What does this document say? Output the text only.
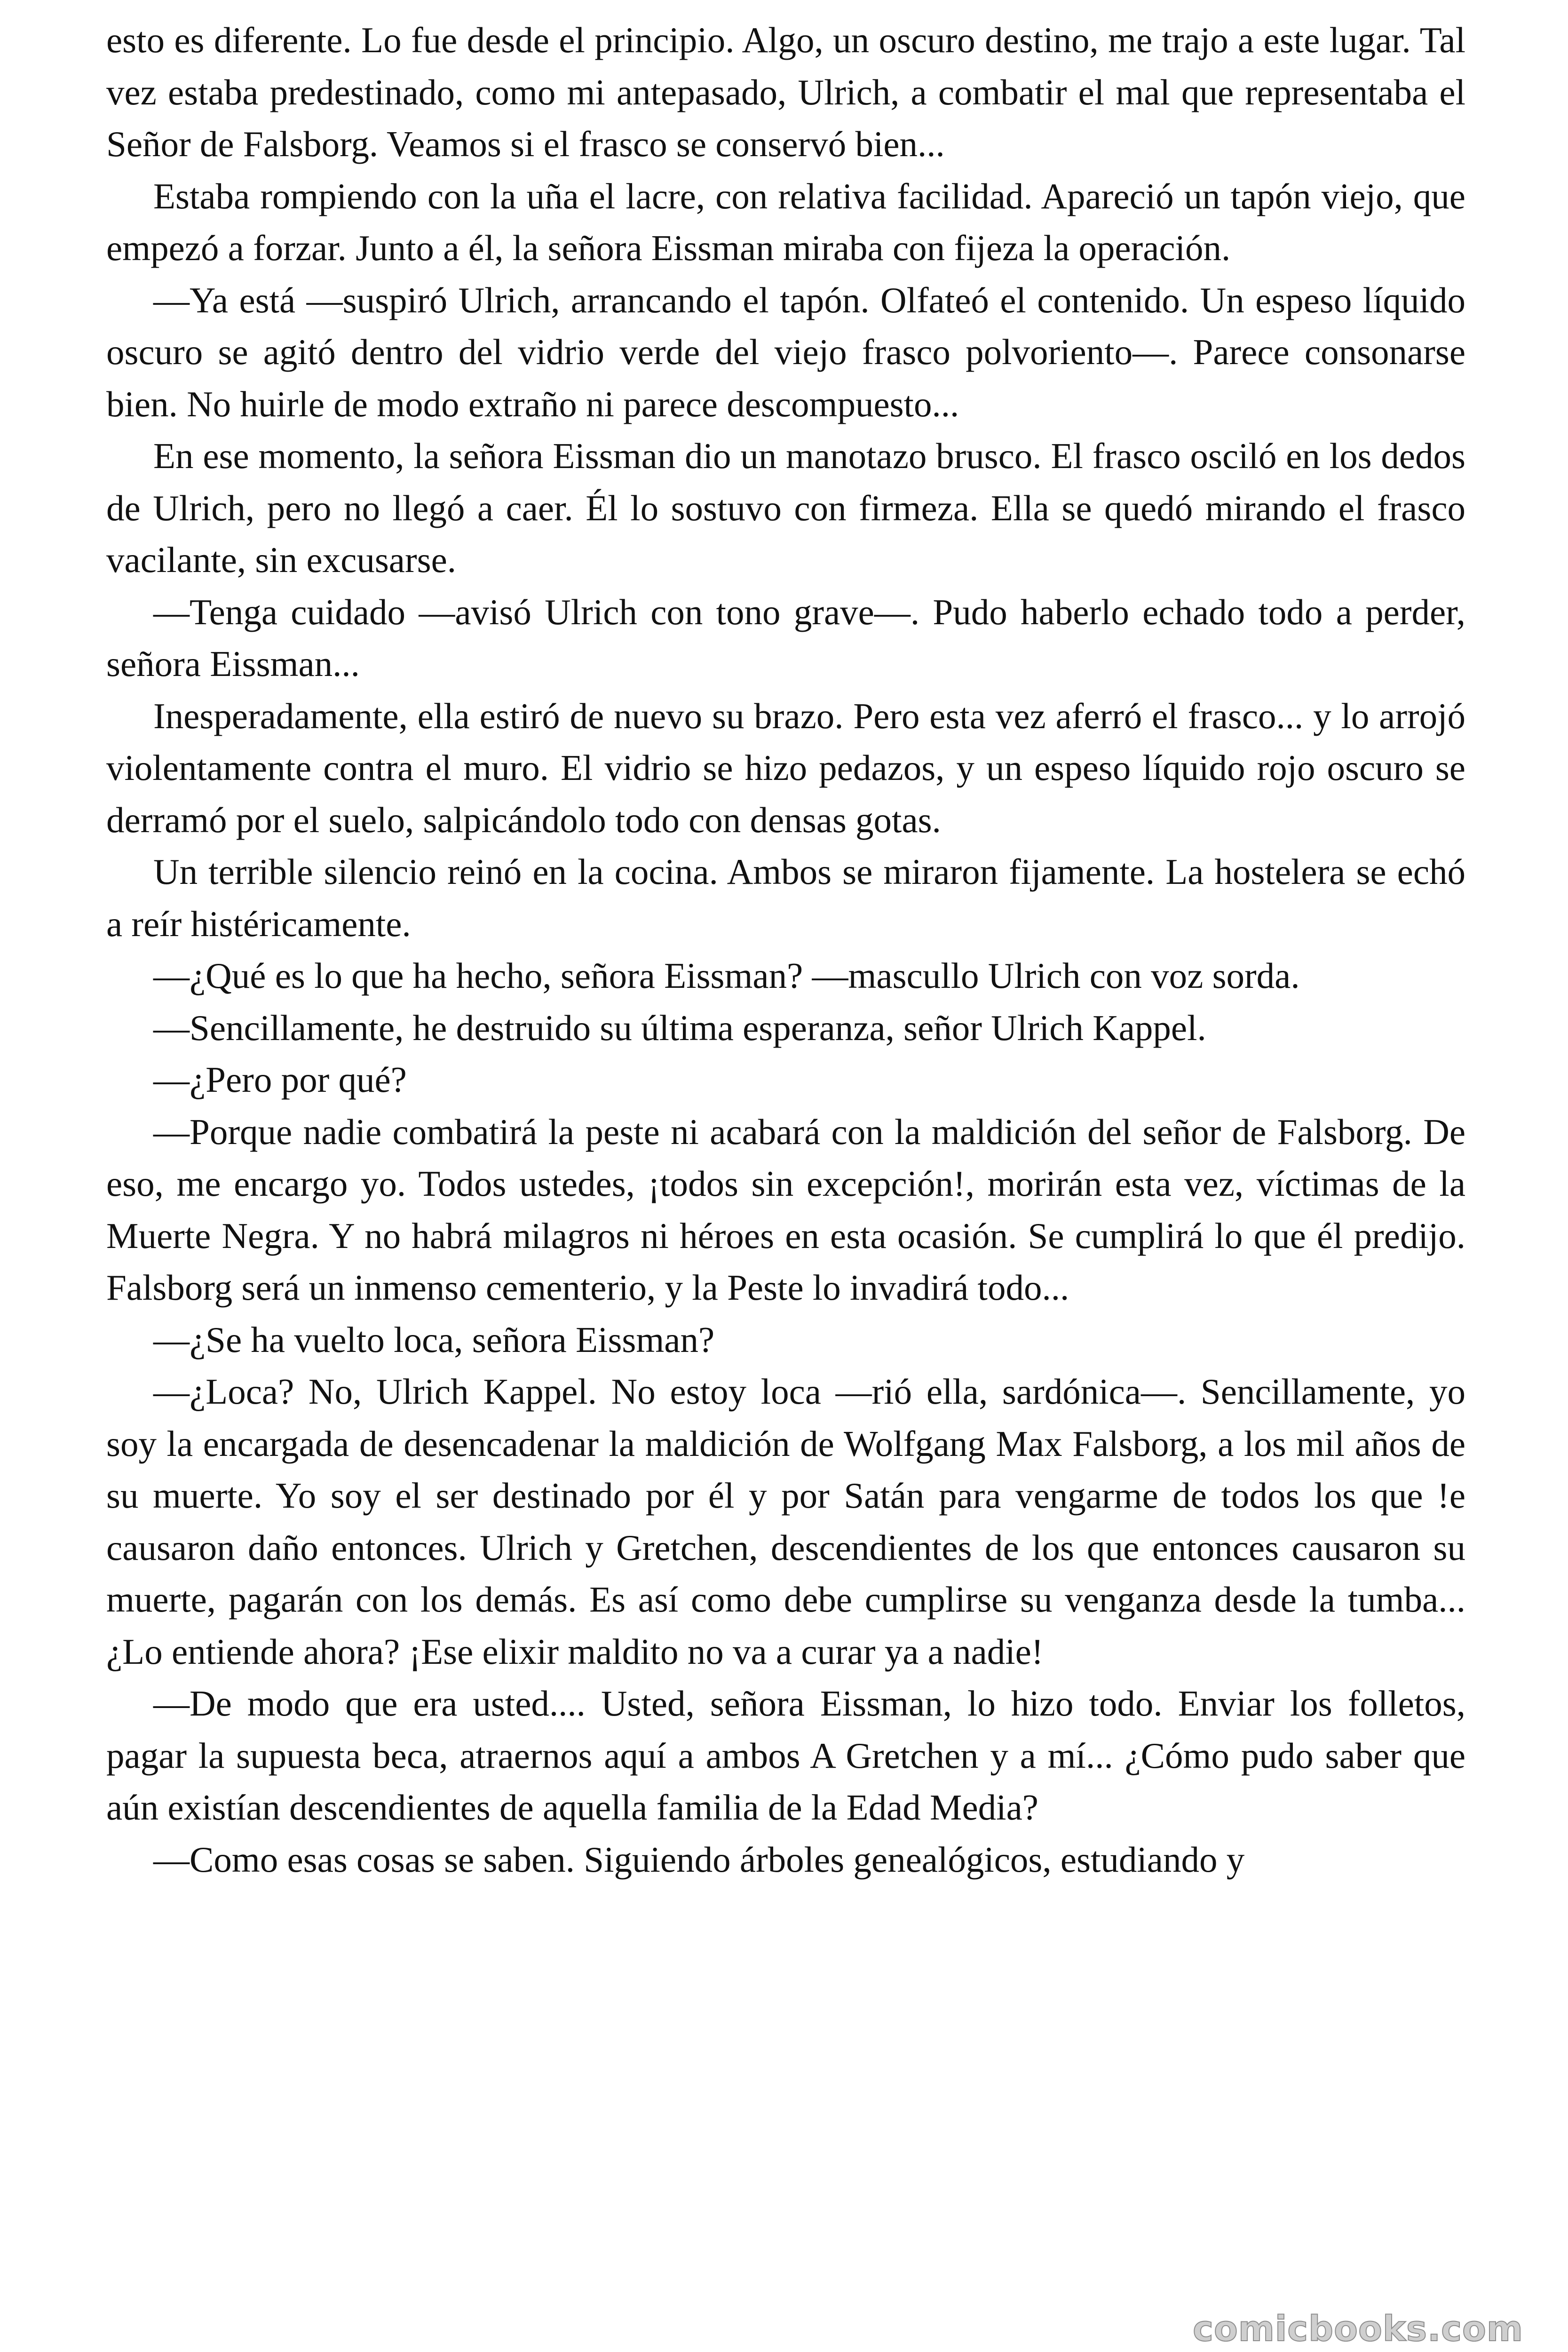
esto es diferente. Lo fue desde el principio. Algo, un oscuro destino, me trajo a este lugar. Tal vez estaba predestinado, como mi antepasado, Ulrich, a combatir el mal que representaba el Señor de Falsborg. Veamos si el frasco se conservó bien...

Estaba rompiendo con la uña el lacre, con relativa facilidad. Apareció un tapón viejo, que empezó a forzar. Junto a él, la señora Eissman miraba con fijeza la operación.

—Ya está —suspiró Ulrich, arrancando el tapón. Olfateó el contenido. Un espeso líquido oscuro se agitó dentro del vidrio verde del viejo frasco polvoriento—. Parece consonarse bien. No huirle de modo extraño ni parece descompuesto...

En ese momento, la señora Eissman dio un manotazo brusco. El frasco osciló en los dedos de Ulrich, pero no llegó a caer. Él lo sostuvo con firmeza. Ella se quedó mirando el frasco vacilante, sin excusarse.

—Tenga cuidado —avisó Ulrich con tono grave—. Pudo haberlo echado todo a perder, señora Eissman...

Inesperadamente, ella estiró de nuevo su brazo. Pero esta vez aferró el frasco... y lo arrojó violentamente contra el muro. El vidrio se hizo pedazos, y un espeso líquido rojo oscuro se derramó por el suelo, salpicándolo todo con densas gotas.

Un terrible silencio reinó en la cocina. Ambos se miraron fijamente. La hostelera se echó a reír histéricamente.

—¿Qué es lo que ha hecho, señora Eissman? —mascullo Ulrich con voz sorda.

—Sencillamente, he destruido su última esperanza, señor Ulrich Kappel.

—¿Pero por qué?

—Porque nadie combatirá la peste ni acabará con la maldición del señor de Falsborg. De eso, me encargo yo. Todos ustedes, ¡todos sin excepción!, morirán esta vez, víctimas de la Muerte Negra. Y no habrá milagros ni héroes en esta ocasión. Se cumplirá lo que él predijo. Falsborg será un inmenso cementerio, y la Peste lo invadirá todo...

—¿Se ha vuelto loca, señora Eissman?

—¿Loca? No, Ulrich Kappel. No estoy loca —rió ella, sardónica—. Sencillamente, yo soy la encargada de desencadenar la maldición de Wolfgang Max Falsborg, a los mil años de su muerte. Yo soy el ser destinado por él y por Satán para vengarme de todos los que !e causaron daño entonces. Ulrich y Gretchen, descendientes de los que entonces causaron su muerte, pagarán con los demás. Es así como debe cumplirse su venganza desde la tumba... ¿Lo entiende ahora? ¡Ese elixir maldito no va a curar ya a nadie!

—De modo que era usted.... Usted, señora Eissman, lo hizo todo. Enviar los folletos, pagar la supuesta beca, atraernos aquí a ambos A Gretchen y a mí... ¿Cómo pudo saber que aún existían descendientes de aquella familia de la Edad Media?

—Como esas cosas se saben. Siguiendo árboles genealógicos, estudiando y

comicbooks.com
